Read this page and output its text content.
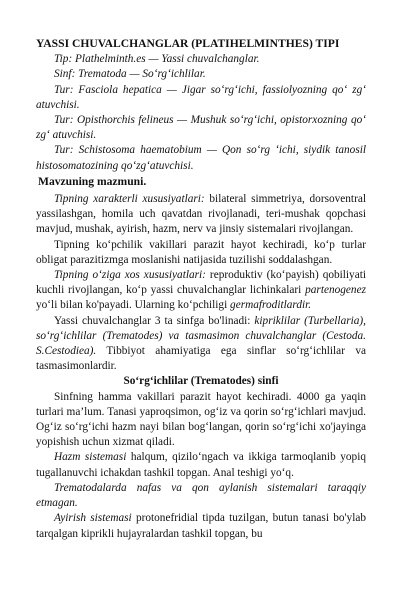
YASSI CHUVALCHANGLAR (PLATIHELMINTHES) TIPI

Tip: Plathelminth.es — Yassi chuvalchanglar.

Sinf: Trematoda — So‘rg‘ichlilar.

Tur: Fasciola hepatica — Jigar so‘rg‘ichi, fassiolyozning qo‘ zg‘ atuvchisi.

Tur: Opisthorchis felineus — Mushuk so‘rg‘ichi, opistorxozning qo‘ zg‘ atuvchisi.

Tur: Schistosoma haematobium — Qon so‘rg ‘ichi, siydik tanosil histosomatozining qo‘zg‘atuvchisi.

Mavzuning mazmuni.

Tipning xarakterli xususiyatlari: bilateral simmetriya, dorsoventral yassilashgan, homila uch qavatdan rivojlanadi, teri-mushak qopchasi mavjud, mushak, ayirish, hazm, nerv va jinsiy sistemalari rivojlangan.

Tipning ko‘pchilik vakillari parazit hayot kechiradi, ko‘p turlar obligat parazitizmga moslanishi natijasida tuzilishi soddalashgan.

Tipning o‘ziga xos xususiyatlari: reproduktiv (ko‘payish) qobiliyati kuchli rivojlangan, ko‘p yassi chuvalchanglar lichinkalari partenogenez yo‘li bilan ko'payadi. Ularning ko‘pchiligi germafroditlardir.

Yassi chuvalchanglar 3 ta sinfga bo'linadi: kipriklilar (Turbellaria), so‘rg‘ichlilar (Trematodes) va tasmasimon chuvalchanglar (Cestoda. S.Cestodiea). Tibbiyot ahamiyatiga ega sinflar so‘rg‘ichlilar va tasmasimonlardir.

So‘rg‘ichlilar (Trematodes) sinfi

Sinfning hamma vakillari parazit hayot kechiradi. 4000 ga yaqin turlari ma’lum. Tanasi yaproqsimon, og‘iz va qorin so‘rg‘ichlari mavjud. Og‘iz so‘rg‘ichi hazm nayi bilan bog‘langan, qorin so‘rg‘ichi xo'jayinga yopishish uchun xizmat qiladi.

Hazm sistemasi halqum, qizilo‘ngach va ikkiga tarmoqlanib yopiq tugallanuvchi ichakdan tashkil topgan. Anal teshigi yo‘q.

Trematodalarda nafas va qon aylanish sistemalari taraqqiy etmagan.

Ayirish sistemasi protonefridial tipda tuzilgan, butun tanasi bo'ylab tarqalgan kiprikli hujayralardan tashkil topgan, bu
